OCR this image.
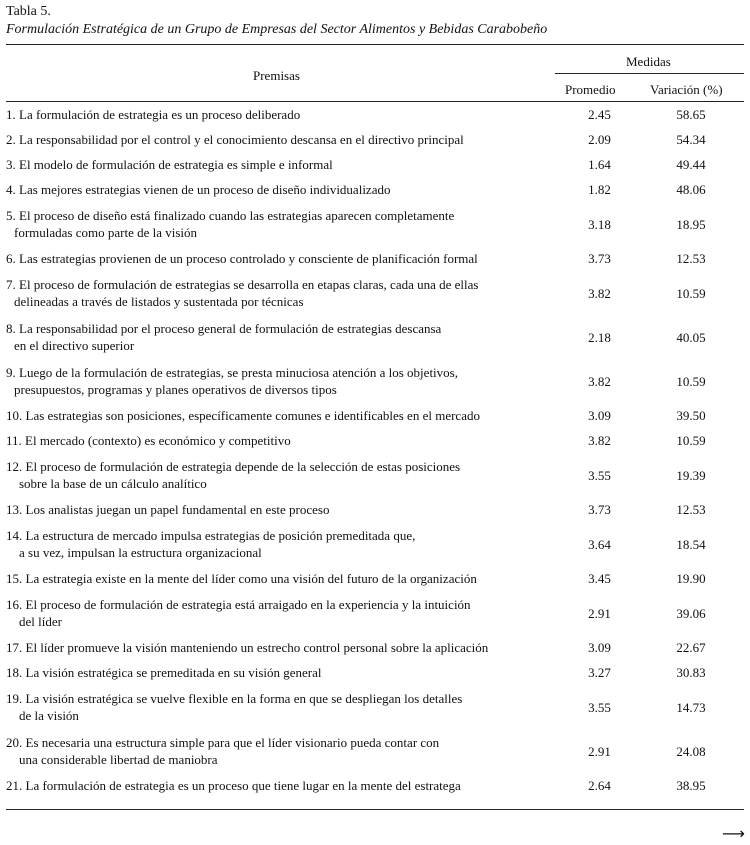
Tabla 5.
Formulación Estratégica de un Grupo de Empresas del Sector Alimentos y Bebidas Carabobeño
Premisas
Medidas
Promedio	Variación (%)
1. La formulación de estrategia es un proceso deliberado	2.45	58.65

2. La responsabilidad por el control y el conocimiento descansa en el directivo principal	2.09	54.34

3. El modelo de formulación de estrategia es simple e informal	1.64	49.44

4. Las mejores estrategias vienen de un proceso de diseño individualizado	1.82	48.06

5. El proceso de diseño está finalizado cuando las estrategias aparecen completamente
formuladas como parte de la visión	3.18	18.95

6. Las estrategias provienen de un proceso controlado y consciente de planificación formal	3.73	12.53

7. El proceso de formulación de estrategias se desarrolla en etapas claras, cada una de ellas
delineadas a través de listados y sustentada por técnicas	3.82	10.59

8. La responsabilidad por el proceso general de formulación de estrategias descansa
en el directivo superior	2.18	40.05

9. Luego de la formulación de estrategias, se presta minuciosa atención a los objetivos,
presupuestos, programas y planes operativos de diversos tipos	3.82	10.59

10. Las estrategias son posiciones, específicamente comunes e identificables en el mercado	3.09	39.50

11. El mercado (contexto) es económico y competitivo	3.82	10.59

12. El proceso de formulación de estrategia depende de la selección de estas posiciones
sobre la base de un cálculo analítico	3.55	19.39

13. Los analistas juegan un papel fundamental en este proceso	3.73	12.53

14. La estructura de mercado impulsa estrategias de posición premeditada que,
a su vez, impulsan la estructura organizacional	3.64	18.54

15. La estrategia existe en la mente del líder como una visión del futuro de la organización	3.45	19.90

16. El proceso de formulación de estrategia está arraigado en la experiencia y la intuición
del líder	2.91	39.06

17. El líder promueve la visión manteniendo un estrecho control personal sobre la aplicación	3.09	22.67

18. La visión estratégica se premeditada en su visión general	3.27	30.83

19. La visión estratégica se vuelve flexible en la forma en que se despliegan los detalles
de la visión	3.55	14.73

20. Es necesaria una estructura simple para que el líder visionario pueda contar con
una considerable libertad de maniobra	2.91	24.08

21. La formulación de estrategia es un proceso que tiene lugar en la mente del estratega	2.64	38.95
⟶
